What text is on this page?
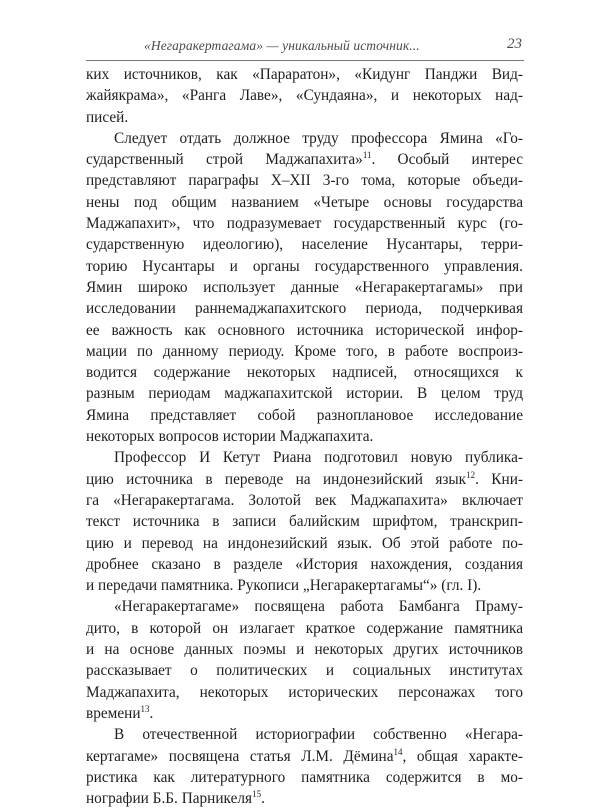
«Негаракертагама» — уникальный источник...	23
ких источников, как «Параратон», «Кидунг Панджи Вид-
жайякрама», «Ранга Лаве», «Сундаяна», и некоторых над-
писей.
Следует отдать должное труду профессора Ямина «Го-
сударственный строй Маджапахита»$^{11}$. Особый интерес
представляют параграфы X–XII 3-го тома, которые объеди-
нены под общим названием «Четыре основы государства
Маджапахит», что подразумевает государственный курс (го-
сударственную идеологию), население Нусантары, терри-
торию Нусантары и органы государственного управления.
Ямин широко использует данные «Негаракертагамы» при
исследовании раннемаджапахитского периода, подчеркивая
ее важность как основного источника исторической инфор-
мации по данному периоду. Кроме того, в работе воспроиз-
водится содержание некоторых надписей, относящихся к
разным периодам маджапахитской истории. В целом труд
Ямина представляет собой разноплановое исследование
некоторых вопросов истории Маджапахита.
Профессор И Кетут Риана подготовил новую публика-
цию источника в переводе на индонезийский язык$^{12}$. Кни-
га «Негаракертагама. Золотой век Маджапахита» включает
текст источника в записи балийским шрифтом, транскрип-
цию и перевод на индонезийский язык. Об этой работе по-
дробнее сказано в разделе «История нахождения, создания
и передачи памятника. Рукописи „Негаракертагамы“» (гл. I).
«Негаракертагаме» посвящена работа Бамбанга Праму-
дито, в которой он излагает краткое содержание памятника
и на основе данных поэмы и некоторых других источников
рассказывает о политических и социальных институтах
Маджапахита, некоторых исторических персонажах того
времени$^{13}$.
В отечественной историографии собственно «Негара-
кертагаме» посвящена статья Л.М. Дёмина$^{14}$, общая характе-
ристика как литературного памятника содержится в мо-
нографии Б.Б. Парникеля$^{15}$.
